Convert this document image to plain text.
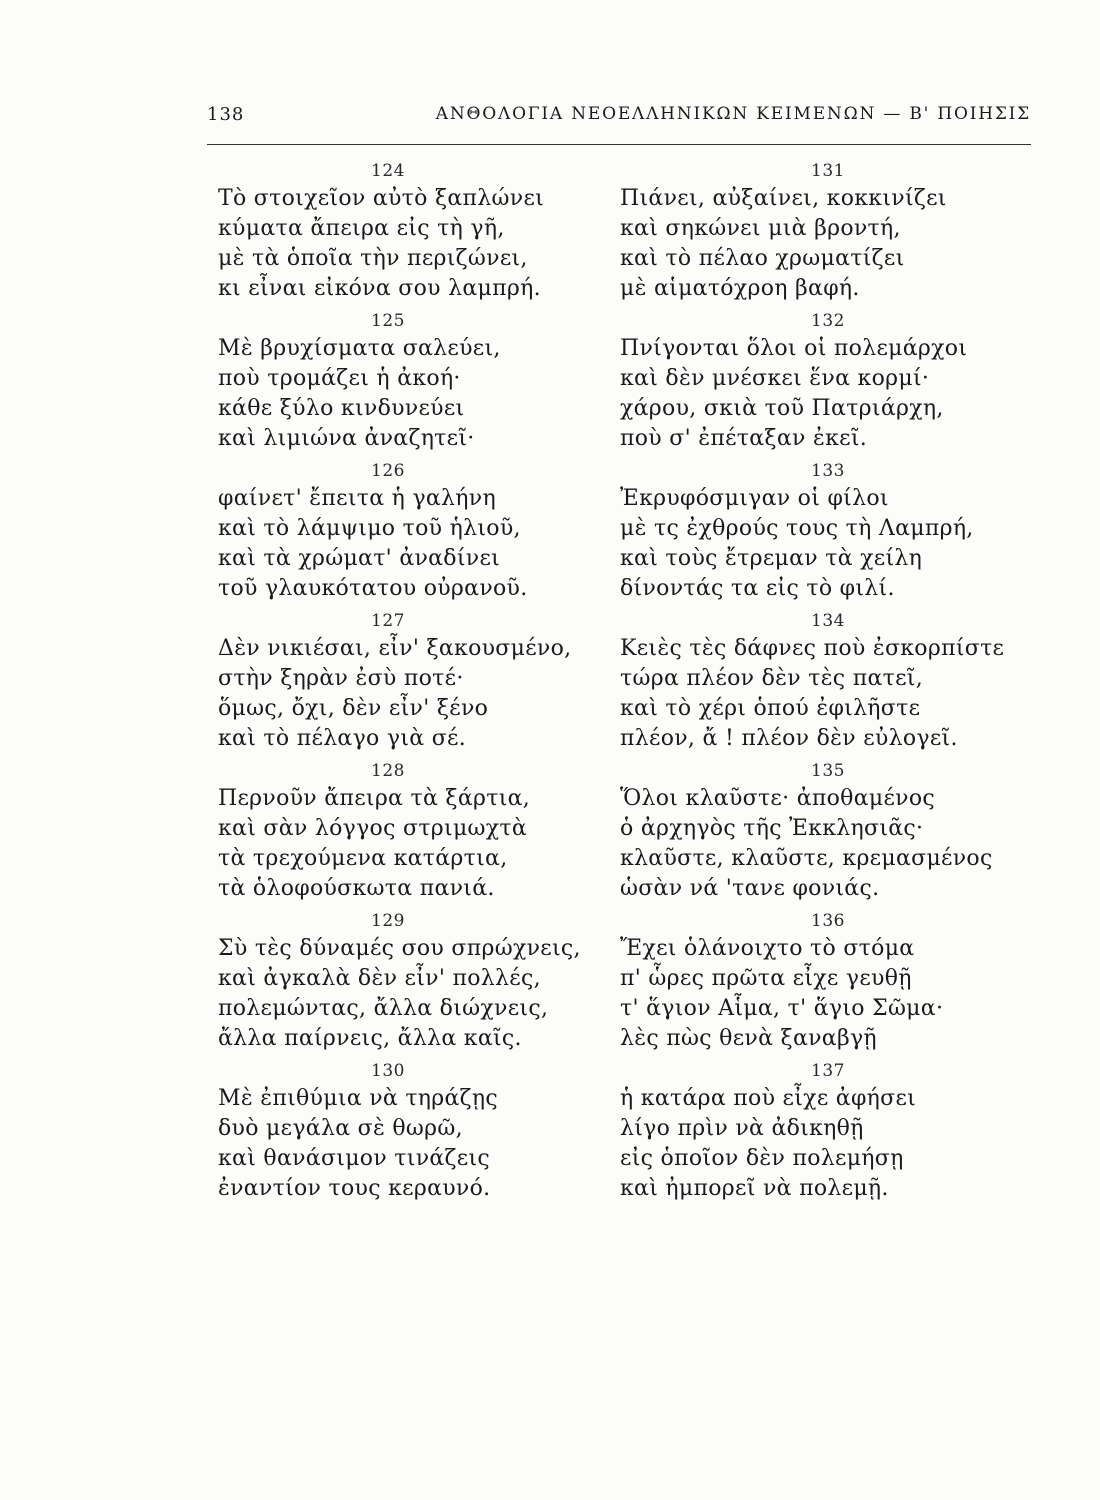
138	ΑΝΘΟΛΟΓΙΑ ΝΕΟΕΛΛΗΝΙΚΩΝ ΚΕΙΜΕΝΩΝ — Β' ΠΟΙΗΣΙΣ
124
Τὸ στοιχεῖον αὐτὸ ξαπλώνει
κύματα ἄπειρα εἰς τὴ γῆ,
μὲ τὰ ὁποῖα τὴν περιζώνει,
κι εἶναι εἰκόνα σου λαμπρή.
125
Μὲ βρυχίσματα σαλεύει,
ποὺ τρομάζει ἡ ἀκοή·
κάθε ξύλο κινδυνεύει
καὶ λιμιώνα ἀναζητεῖ·
126
φαίνετ' ἔπειτα ἡ γαλήνη
καὶ τὸ λάμψιμο τοῦ ἡλιοῦ,
καὶ τὰ χρώματ' ἀναδίνει
τοῦ γλαυκότατου οὐρανοῦ.
127
Δὲν νικιέσαι, εἶν' ξακουσμένο,
στὴν ξηρὰν ἐσὺ ποτέ·
ὅμως, ὄχι, δὲν εἶν' ξένο
καὶ τὸ πέλαγο γιὰ σέ.
128
Περνοῦν ἄπειρα τὰ ξάρτια,
καὶ σὰν λόγγος στριμωχτὰ
τὰ τρεχούμενα κατάρτια,
τὰ ὁλοφούσκωτα πανιά.
129
Σὺ τὲς δύναμές σου σπρώχνεις,
καὶ ἀγκαλὰ δὲν εἶν' πολλές,
πολεμώντας, ἄλλα διώχνεις,
ἄλλα παίρνεις, ἄλλα καῖς.
130
Μὲ ἐπιθύμια νὰ τηράζῃς
δυὸ μεγάλα σὲ θωρῶ,
καὶ θανάσιμον τινάζεις
ἐναντίον τους κεραυνό.
131
Πιάνει, αὐξαίνει, κοκκινίζει
καὶ σηκώνει μιὰ βροντή,
καὶ τὸ πέλαο χρωματίζει
μὲ αἱματόχροη βαφή.
132
Πνίγονται ὅλοι οἱ πολεμάρχοι
καὶ δὲν μνέσκει ἕνα κορμί·
χάρου, σκιὰ τοῦ Πατριάρχη,
ποὺ σ' ἐπέταξαν ἐκεῖ.
133
Ἐκρυφόσμιγαν οἱ φίλοι
μὲ τς ἐχθρούς τους τὴ Λαμπρή,
καὶ τοὺς ἔτρεμαν τὰ χείλη
δίνοντάς τα εἰς τὸ φιλί.
134
Κειὲς τὲς δάφνες ποὺ ἐσκορπίστε
τώρα πλέον δὲν τὲς πατεῖ,
καὶ τὸ χέρι ὁπού ἐφιλῆστε
πλέον, ἄ ! πλέον δὲν εὐλογεῖ.
135
Ὅλοι κλαῦστε· ἀποθαμένος
ὁ ἀρχηγὸς τῆς Ἐκκλησιᾶς·
κλαῦστε, κλαῦστε, κρεμασμένος
ὡσὰν νά 'τανε φονιάς.
136
Ἔχει ὁλάνοιχτο τὸ στόμα
π' ὧρες πρῶτα εἶχε γευθῇ
τ' ἅγιον Αἷμα, τ' ἅγιο Σῶμα·
λὲς πὼς θενὰ ξαναβγῇ
137
ἡ κατάρα ποὺ εἶχε ἀφήσει
λίγο πρὶν νὰ ἀδικηθῇ
εἰς ὁποῖον δὲν πολεμήσῃ
καὶ ἠμπορεῖ νὰ πολεμῇ.
